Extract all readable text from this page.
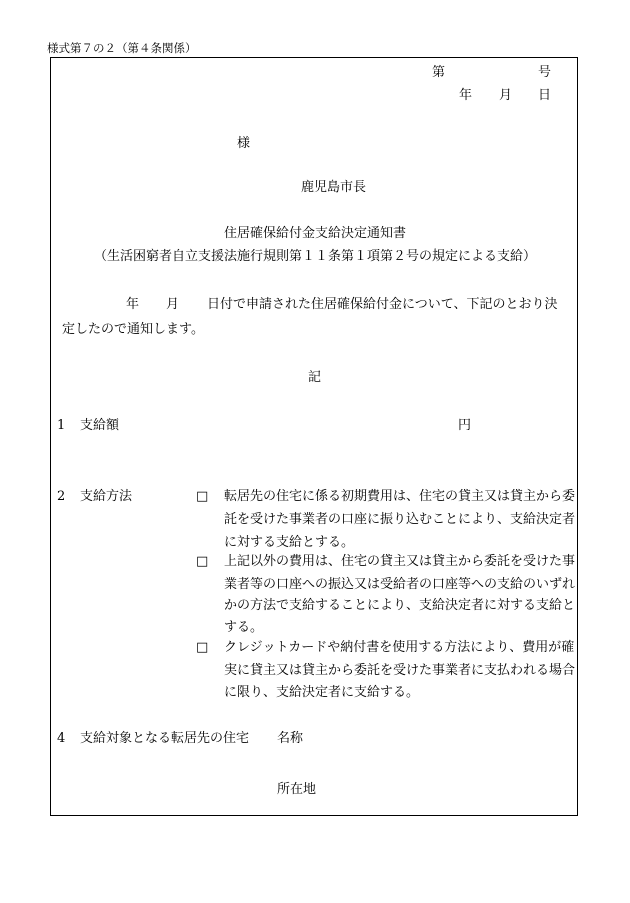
様式第７の２（第４条関係）
第	号
年 月 日
様
鹿児島市長
住居確保給付金支給決定通知書
（生活困窮者自立支援法施行規則第１１条第１項第２号の規定による支給）
年 月 日付で申請された住居確保給付金について、下記のとおり決
定したので通知します。
記
1 支給額	円
2 支給方法	□ 転居先の住宅に係る初期費用は、住宅の貸主又は貸主から委
託を受けた事業者の口座に振り込むことにより、支給決定者
に対する支給とする。
□ 上記以外の費用は、住宅の貸主又は貸主から委託を受けた事
業者等の口座への振込又は受給者の口座等への支給のいずれ
かの方法で支給することにより、支給決定者に対する支給と
する。
□ クレジットカードや納付書を使用する方法により、費用が確
実に貸主又は貸主から委託を受けた事業者に支払われる場合
に限り、支給決定者に支給する。
4 支給対象となる転居先の住宅 名称
所在地
